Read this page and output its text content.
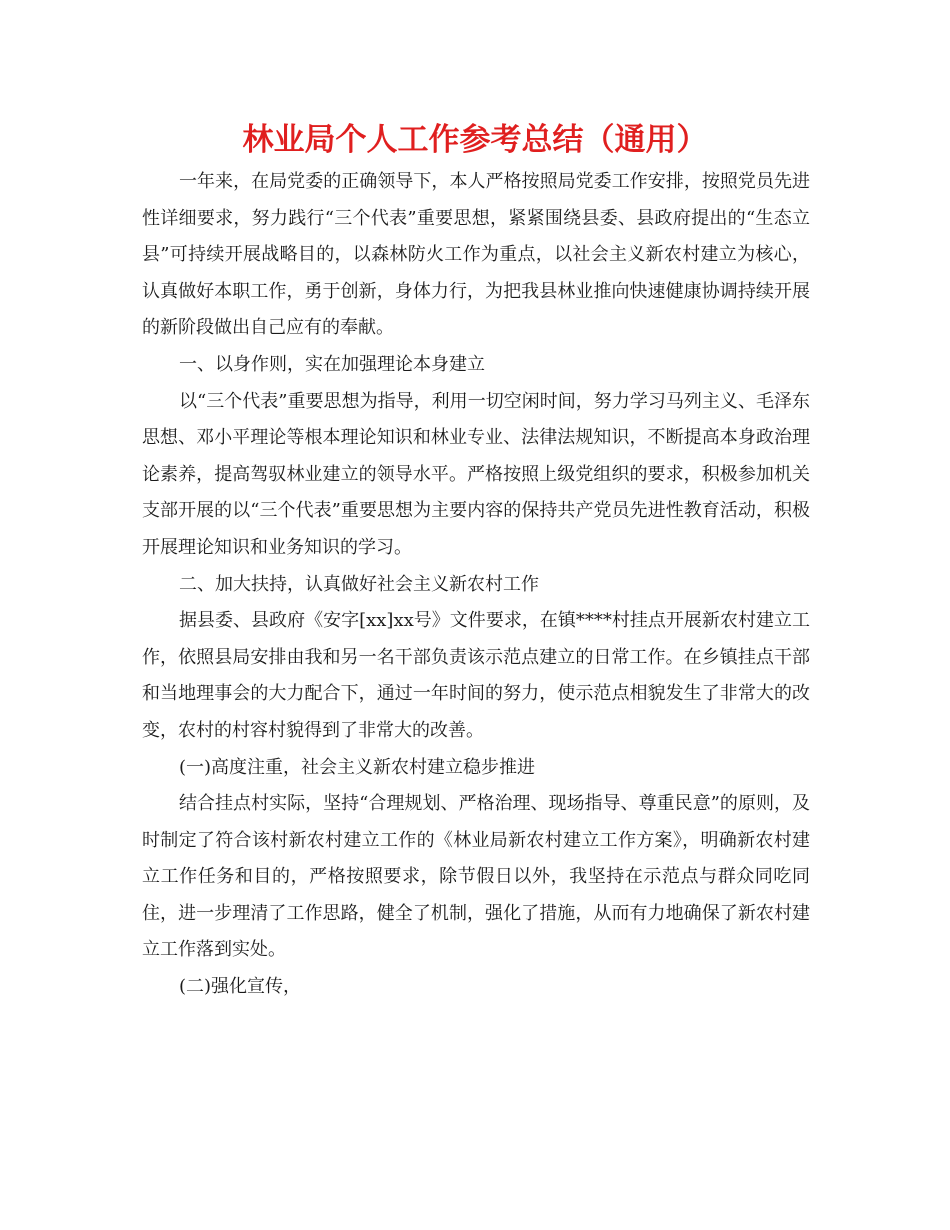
林业局个人工作参考总结（通用）

一年来，在局党委的正确领导下，本人严格按照局党委工作安排，按照党员先进性详细要求，努力践行“三个代表”重要思想，紧紧围绕县委、县政府提出的“生态立县”可持续开展战略目的，以森林防火工作为重点，以社会主义新农村建立为核心，认真做好本职工作，勇于创新，身体力行，为把我县林业推向快速健康协调持续开展的新阶段做出自己应有的奉献。

一、以身作则，实在加强理论本身建立

以“三个代表”重要思想为指导，利用一切空闲时间，努力学习马列主义、毛泽东思想、邓小平理论等根本理论知识和林业专业、法律法规知识，不断提高本身政治理论素养，提高驾驭林业建立的领导水平。严格按照上级党组织的要求，积极参加机关支部开展的以“三个代表”重要思想为主要内容的保持共产党员先进性教育活动，积极开展理论知识和业务知识的学习。

二、加大扶持，认真做好社会主义新农村工作

据县委、县政府《安字[xx]xx号》文件要求，在镇****村挂点开展新农村建立工作，依照县局安排由我和另一名干部负责该示范点建立的日常工作。在乡镇挂点干部和当地理事会的大力配合下，通过一年时间的努力，使示范点相貌发生了非常大的改变，农村的村容村貌得到了非常大的改善。

(一)高度注重，社会主义新农村建立稳步推进

结合挂点村实际，坚持“合理规划、严格治理、现场指导、尊重民意”的原则，及时制定了符合该村新农村建立工作的《林业局新农村建立工作方案》，明确新农村建立工作任务和目的，严格按照要求，除节假日以外，我坚持在示范点与群众同吃同住，进一步理清了工作思路，健全了机制，强化了措施，从而有力地确保了新农村建立工作落到实处。

(二)强化宣传，
